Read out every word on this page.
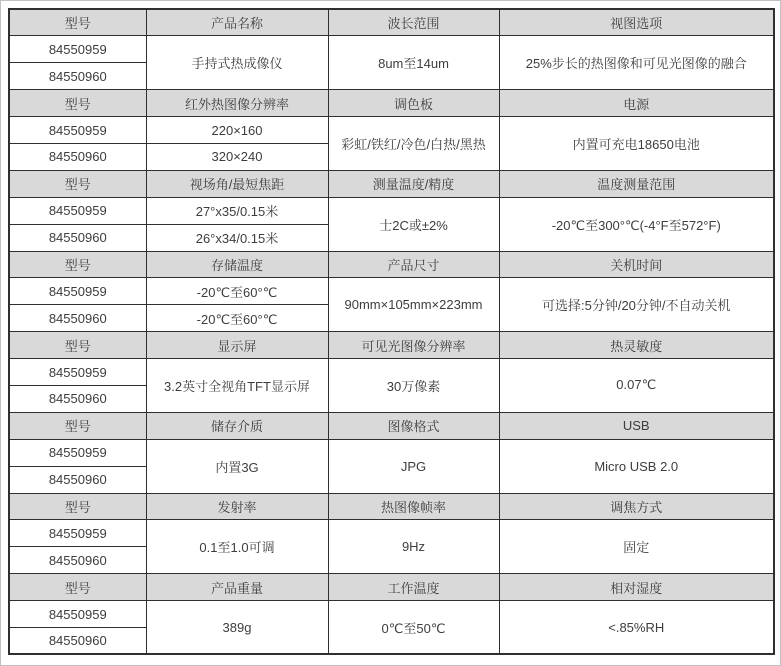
型号	产品名称	波长范围	视图选项
84550959	手持式热成像仪	8um至14um	25%步长的热图像和可见光图像的融合
84550960			
型号	红外热图像分辨率	调色板	电源
84550959	220×160	彩虹/铁红/冷色/白热/黑热	内置可充电18650电池
84550960	320×240		
型号	视场角/最短焦距	测量温度/精度	温度测量范围
84550959	27°x35/0.15米	士2C或±2%	-20℃至300°℃(-4°F至572°F)
84550960	26°x34/0.15米		
型号	存储温度	产品尺寸	关机时间
84550959	-20℃至60°℃	90mm×105mm×223mm	可选择:5分钟/20分钟/不自动关机
84550960	-20℃至60°℃		
型号	显示屏	可见光图像分辨率	热灵敏度
84550959	3.2英寸全视角TFT显示屏	30万像素	0.07℃
84550960			
型号	储存介质	图像格式	USB
84550959	内置3G	JPG	Micro USB 2.0
84550960			
型号	发射率	热图像帧率	调焦方式
84550959	0.1至1.0可调	9Hz	固定
84550960			
型号	产品重量	工作温度	相对湿度
84550959	389g	0℃至50℃	<.85%RH
84550960			
